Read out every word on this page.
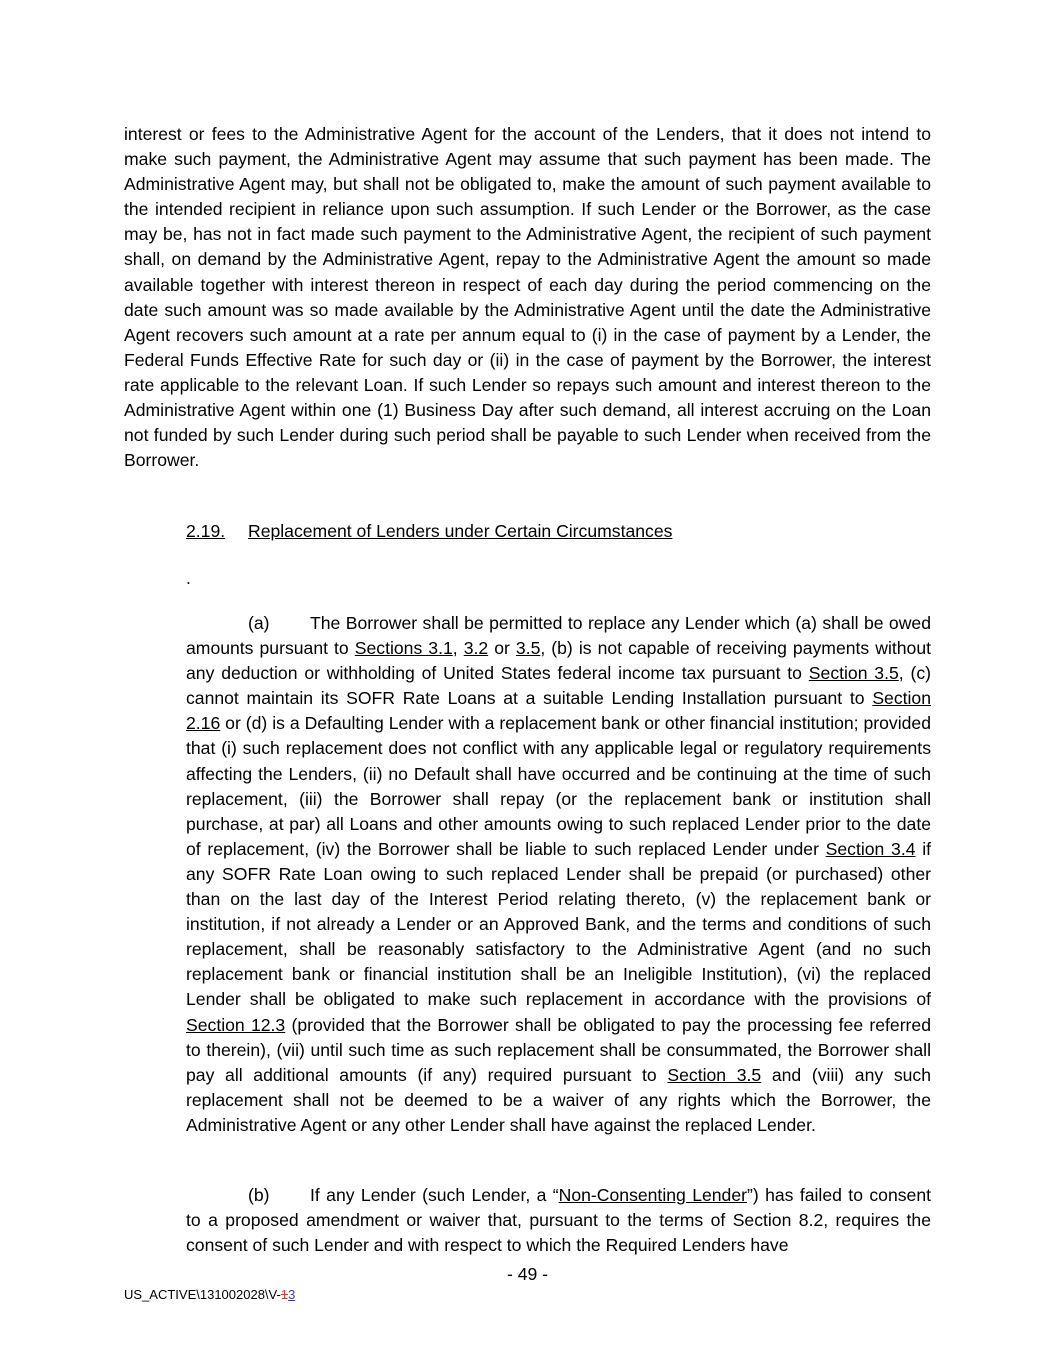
interest or fees to the Administrative Agent for the account of the Lenders, that it does not intend to make such payment, the Administrative Agent may assume that such payment has been made. The Administrative Agent may, but shall not be obligated to, make the amount of such payment available to the intended recipient in reliance upon such assumption. If such Lender or the Borrower, as the case may be, has not in fact made such payment to the Administrative Agent, the recipient of such payment shall, on demand by the Administrative Agent, repay to the Administrative Agent the amount so made available together with interest thereon in respect of each day during the period commencing on the date such amount was so made available by the Administrative Agent until the date the Administrative Agent recovers such amount at a rate per annum equal to (i) in the case of payment by a Lender, the Federal Funds Effective Rate for such day or (ii) in the case of payment by the Borrower, the interest rate applicable to the relevant Loan. If such Lender so repays such amount and interest thereon to the Administrative Agent within one (1) Business Day after such demand, all interest accruing on the Loan not funded by such Lender during such period shall be payable to such Lender when received from the Borrower.
2.19. Replacement of Lenders under Certain Circumstances
.
(a) The Borrower shall be permitted to replace any Lender which (a) shall be owed amounts pursuant to Sections 3.1, 3.2 or 3.5, (b) is not capable of receiving payments without any deduction or withholding of United States federal income tax pursuant to Section 3.5, (c) cannot maintain its SOFR Rate Loans at a suitable Lending Installation pursuant to Section 2.16 or (d) is a Defaulting Lender with a replacement bank or other financial institution; provided that (i) such replacement does not conflict with any applicable legal or regulatory requirements affecting the Lenders, (ii) no Default shall have occurred and be continuing at the time of such replacement, (iii) the Borrower shall repay (or the replacement bank or institution shall purchase, at par) all Loans and other amounts owing to such replaced Lender prior to the date of replacement, (iv) the Borrower shall be liable to such replaced Lender under Section 3.4 if any SOFR Rate Loan owing to such replaced Lender shall be prepaid (or purchased) other than on the last day of the Interest Period relating thereto, (v) the replacement bank or institution, if not already a Lender or an Approved Bank, and the terms and conditions of such replacement, shall be reasonably satisfactory to the Administrative Agent (and no such replacement bank or financial institution shall be an Ineligible Institution), (vi) the replaced Lender shall be obligated to make such replacement in accordance with the provisions of Section 12.3 (provided that the Borrower shall be obligated to pay the processing fee referred to therein), (vii) until such time as such replacement shall be consummated, the Borrower shall pay all additional amounts (if any) required pursuant to Section 3.5 and (viii) any such replacement shall not be deemed to be a waiver of any rights which the Borrower, the Administrative Agent or any other Lender shall have against the replaced Lender.
(b) If any Lender (such Lender, a “Non-Consenting Lender”) has failed to consent to a proposed amendment or waiver that, pursuant to the terms of Section 8.2, requires the consent of such Lender and with respect to which the Required Lenders have
- 49 -
US_ACTIVE\131002028\V-13
